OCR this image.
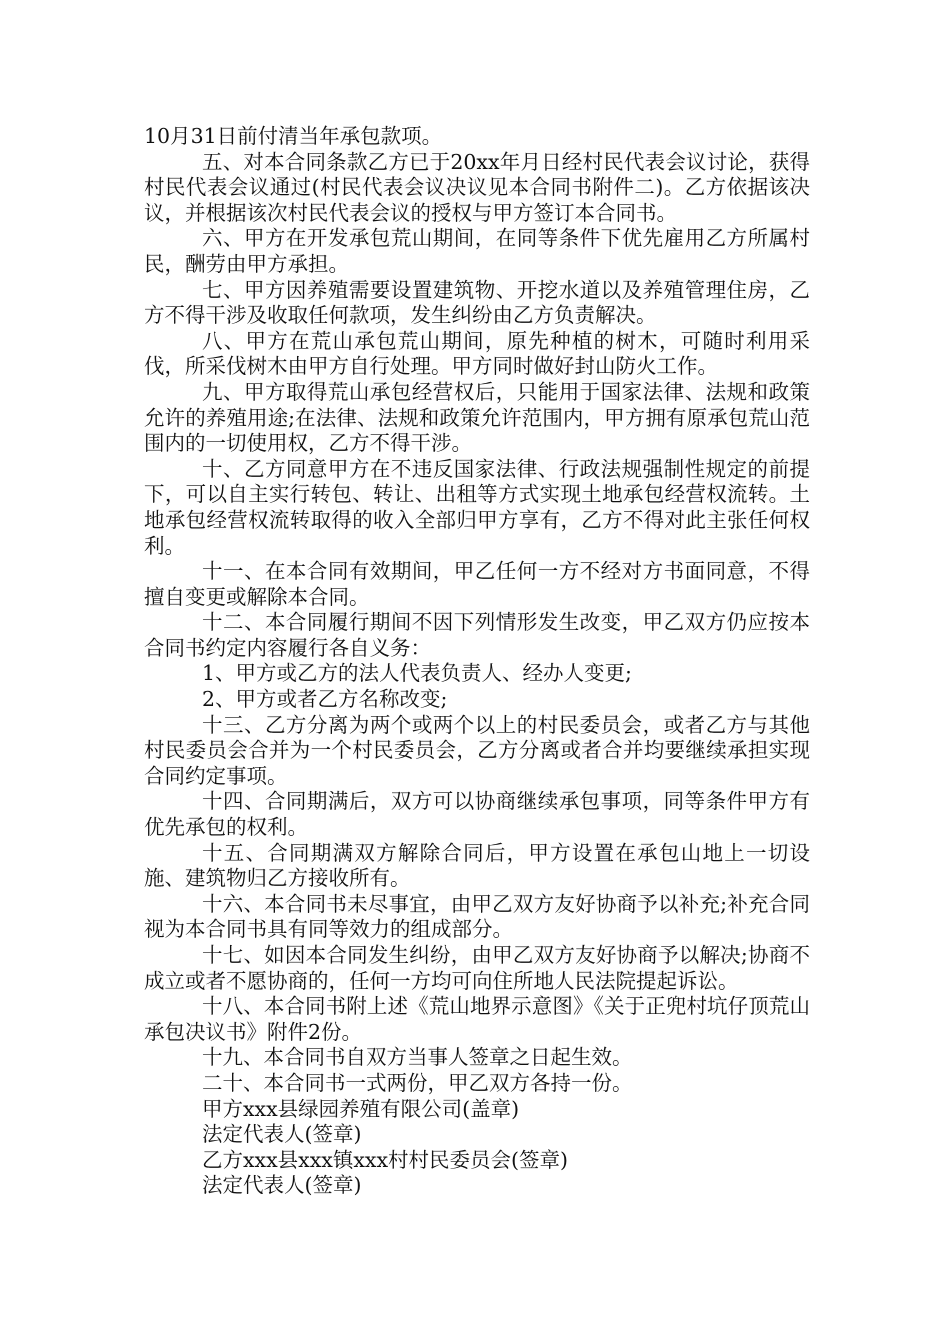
10月31日前付清当年承包款项。

五、对本合同条款乙方已于20xx年月日经村民代表会议讨论，获得村民代表会议通过(村民代表会议决议见本合同书附件二)。乙方依据该决议，并根据该次村民代表会议的授权与甲方签订本合同书。

六、甲方在开发承包荒山期间，在同等条件下优先雇用乙方所属村民，酬劳由甲方承担。

七、甲方因养殖需要设置建筑物、开挖水道以及养殖管理住房，乙方不得干涉及收取任何款项，发生纠纷由乙方负责解决。

八、甲方在荒山承包荒山期间，原先种植的树木，可随时利用采伐，所采伐树木由甲方自行处理。甲方同时做好封山防火工作。

九、甲方取得荒山承包经营权后，只能用于国家法律、法规和政策允许的养殖用途;在法律、法规和政策允许范围内，甲方拥有原承包荒山范围内的一切使用权，乙方不得干涉。

十、乙方同意甲方在不违反国家法律、行政法规强制性规定的前提下，可以自主实行转包、转让、出租等方式实现土地承包经营权流转。土地承包经营权流转取得的收入全部归甲方享有，乙方不得对此主张任何权利。

十一、在本合同有效期间，甲乙任何一方不经对方书面同意，不得擅自变更或解除本合同。

十二、本合同履行期间不因下列情形发生改变，甲乙双方仍应按本合同书约定内容履行各自义务：

1、甲方或乙方的法人代表负责人、经办人变更;

2、甲方或者乙方名称改变;

十三、乙方分离为两个或两个以上的村民委员会，或者乙方与其他村民委员会合并为一个村民委员会，乙方分离或者合并均要继续承担实现合同约定事项。

十四、合同期满后，双方可以协商继续承包事项，同等条件甲方有优先承包的权利。

十五、合同期满双方解除合同后，甲方设置在承包山地上一切设施、建筑物归乙方接收所有。

十六、本合同书未尽事宜，由甲乙双方友好协商予以补充;补充合同视为本合同书具有同等效力的组成部分。

十七、如因本合同发生纠纷，由甲乙双方友好协商予以解决;协商不成立或者不愿协商的，任何一方均可向住所地人民法院提起诉讼。

十八、本合同书附上述《荒山地界示意图》《关于正兜村坑仔顶荒山承包决议书》附件2份。

十九、本合同书自双方当事人签章之日起生效。

二十、本合同书一式两份，甲乙双方各持一份。

甲方xxx县绿园养殖有限公司(盖章)

法定代表人(签章)

乙方xxx县xxx镇xxx村村民委员会(签章)

法定代表人(签章)
